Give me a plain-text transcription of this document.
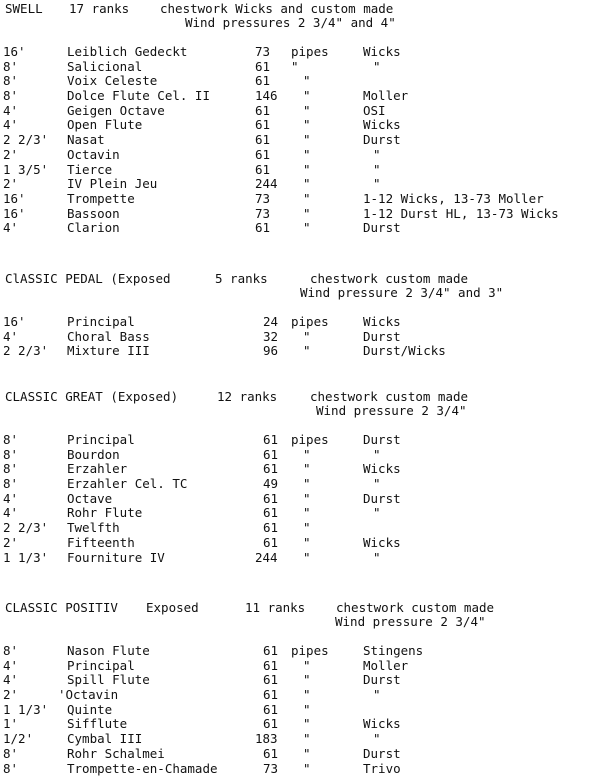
SWELL 17 ranks chestwork Wicks and custom made
Wind pressures 2 3/4" and 4"
16'	Leiblich Gedeckt	73 pipes	Wicks
8'	Salicional	61 "	"
8'	Voix Celeste	61	"
8'	Dolce Flute Cel. II	146 "	Moller
4'	Geigen Octave	61	"	OSI
4'	Open Flute	61	"	Wicks
2 2/3' Nasat	61	"	Durst
2'	Octavin	61	"	"
1 3/5' Tierce	61	"	"
2'	IV Plein Jeu	244 "	"
16'	Trompette	73	"	1-12 Wicks, 13-73 Moller
16'	Bassoon	73	"	1-12 Durst HL, 13-73 Wicks
4'	Clarion	61	"	Durst
ClASSIC PEDAL (Exposed	5 ranks	chestwork custom made
Wind pressure 2 3/4" and 3"
16'	Principal	24 pipes	Wicks
4'	Choral Bass	32 "	Durst
2 2/3' Mixture III	96 "	Durst/Wicks
CLASSIC GREAT (Exposed)	12 ranks	chestwork custom made
Wind pressure 2 3/4"
8'	Principal	61 pipes	Durst
8'	Bourdon	61 "	"
8'	Erzahler	61 "	Wicks
8'	Erzahler Cel. TC	49 "	"
4'	Octave	61 "	Durst
4'	Rohr Flute	61 "	"
2 2/3' Twelfth	61 "
2'	Fifteenth	61 "	Wicks
1 1/3' Fourniture IV	244 "	"
CLASSIC POSITIV Exposed	11 ranks chestwork custom made
Wind pressure 2 3/4"
8'	Nason Flute	61 pipes	Stingens
4'	Principal	61 "	Moller
4'	Spill Flute	61 "	Durst
2'	'Octavin	61 "	"
1 1/3' Quinte	61 "
1'	Sifflute	61 "	Wicks
1/2'	Cymbal III	183 "	"
8'	Rohr Schalmei	61 "	Durst
8'	Trompette-en-Chamade	73 "	Trivo
